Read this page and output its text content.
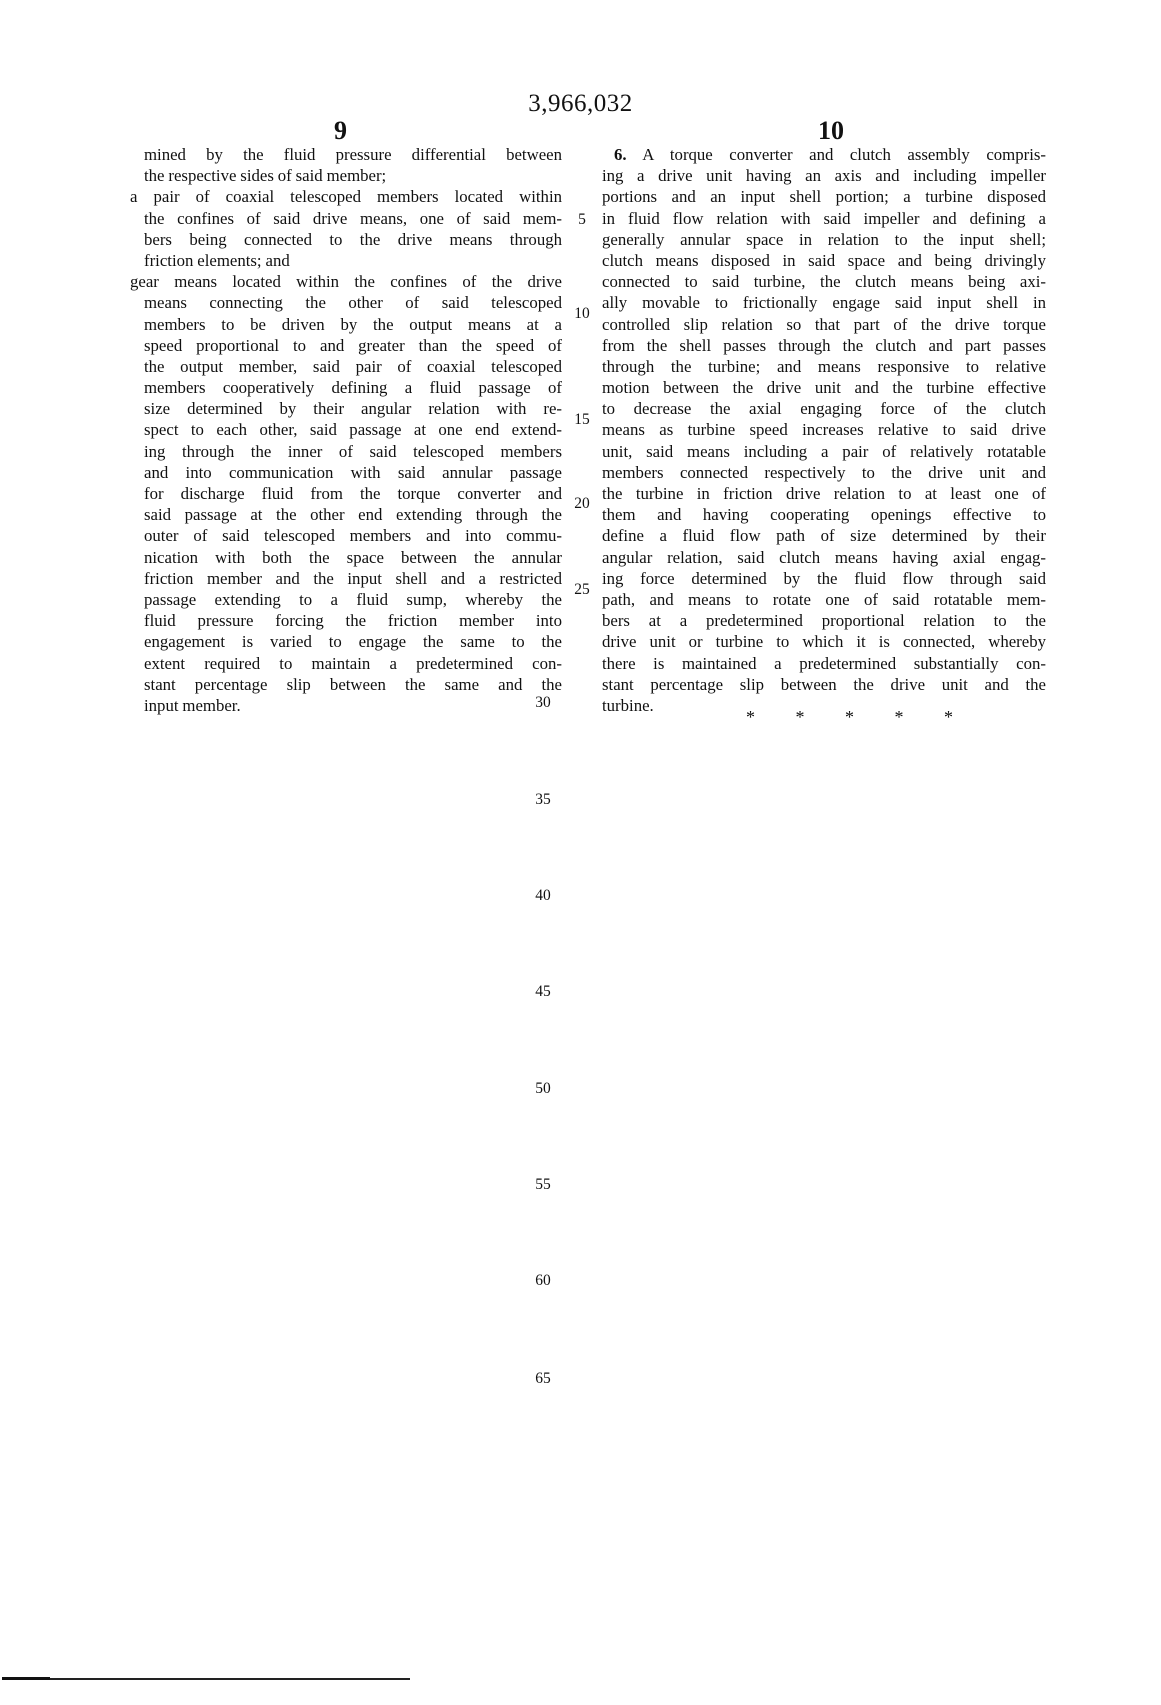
3,966,032
9	10
mined by the fluid pressure differential between
the respective sides of said member;
a pair of coaxial telescoped members located within
the confines of said drive means, one of said mem-
bers being connected to the drive means through
friction elements; and
gear means located within the confines of the drive
means connecting the other of said telescoped
members to be driven by the output means at a
speed proportional to and greater than the speed of
the output member, said pair of coaxial telescoped
members cooperatively defining a fluid passage of
size determined by their angular relation with re-
spect to each other, said passage at one end extend-
ing through the inner of said telescoped members
and into communication with said annular passage
for discharge fluid from the torque converter and
said passage at the other end extending through the
outer of said telescoped members and into commu-
nication with both the space between the annular
friction member and the input shell and a restricted
passage extending to a fluid sump, whereby the
fluid pressure forcing the friction member into
engagement is varied to engage the same to the
extent required to maintain a predetermined con-
stant percentage slip between the same and the
input member.
6. A torque converter and clutch assembly compris-
ing a drive unit having an axis and including impeller
portions and an input shell portion; a turbine disposed
in fluid flow relation with said impeller and defining a
generally annular space in relation to the input shell;
clutch means disposed in said space and being drivingly
connected to said turbine, the clutch means being axi-
ally movable to frictionally engage said input shell in
controlled slip relation so that part of the drive torque
from the shell passes through the clutch and part passes
through the turbine; and means responsive to relative
motion between the drive unit and the turbine effective
to decrease the axial engaging force of the clutch
means as turbine speed increases relative to said drive
unit, said means including a pair of relatively rotatable
members connected respectively to the drive unit and
the turbine in friction drive relation to at least one of
them and having cooperating openings effective to
define a fluid flow path of size determined by their
angular relation, said clutch means having axial engag-
ing force determined by the fluid flow through said
path, and means to rotate one of said rotatable mem-
bers at a predetermined proportional relation to the
drive unit or turbine to which it is connected, whereby
there is maintained a predetermined substantially con-
stant percentage slip between the drive unit and the
turbine.
5
10
15
20
25
30
35
40
45
50
55
60
65
* * * * *
